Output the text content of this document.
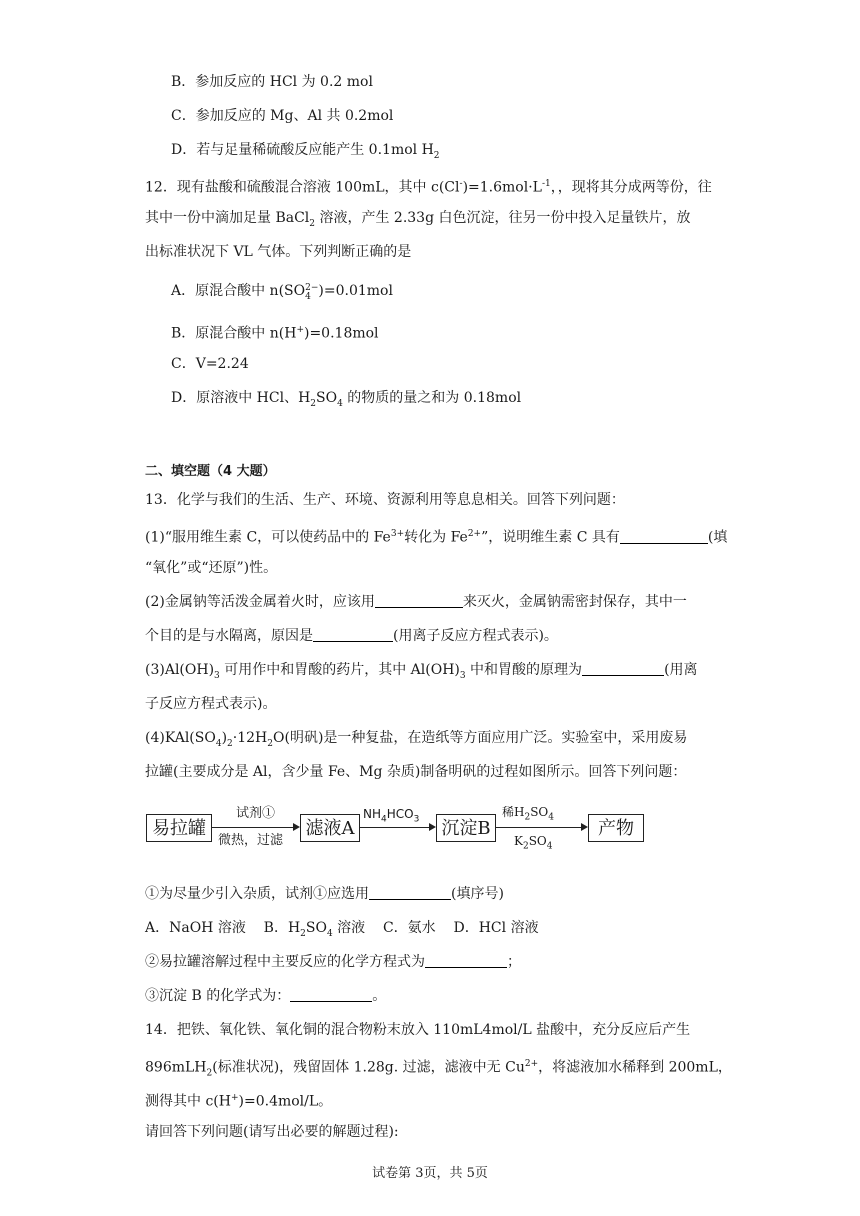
B．参加反应的 HCl 为 0.2 mol
C．参加反应的 Mg、Al 共 0.2mol
D．若与足量稀硫酸反应能产生 0.1mol $H_2$
12．现有盐酸和硫酸混合溶液 100mL，其中 $c(Cl^-)=1.6mol\cdot L^{-1}$，，现将其分成两等份，往
其中一份中滴加足量 BaCl$_2$ 溶液，产生 2.33g 白色沉淀，往另一份中投入足量铁片，放
出标准状况下 VL 气体。下列判断正确的是
A．原混合酸中 n(SO 2−
4 )=0.01mol
B．原混合酸中 n(H+)=0.18mol
C．V=2.24
D．原溶液中 HCl、$H_2SO_4$ 的物质的量之和为 0.18mol
二、填空题（4 大题）
13．化学与我们的生活、生产、环境、资源利用等息息相关。回答下列问题：
(1)“服用维生素 C，可以使药品中的 $Fe^{3+}$转化为 $Fe^{2+}$”，说明维生素 C 具有	(填
“氧化”或“还原”)性。
(2)金属钠等活泼金属着火时，应该用	来灭火，金属钠需密封保存，其中一
个目的是与水隔离，原因是	(用离子反应方程式表示)。
$(3)Al(OH)_3$ 可用作中和胃酸的药片，其中 $Al(OH)_3$ 中和胃酸的原理为	(用离
子反应方程式表示)。
$(4)KAl(SO_4)_2\cdot 12H_2O$(明矾)是一种复盐，在造纸等方面应用广泛。实验室中，采用废易
拉罐(主要成分是 Al，含少量 Fe、Mg 杂质)制备明矾的过程如图所示。回答下列问题：
易拉罐
试剂①
微热，过滤
滤液A
$NH_4HCO_3$ 沉淀B
稀$H_2SO_4$
$K_2SO_4$
产物
①为尽量少引入杂质，试剂①应选用	(填序号)
A．NaOH 溶液 B．$H_2SO_4$ 溶液 C．氨水 D．HCl 溶液
②易拉罐溶解过程中主要反应的化学方程式为	；
③沉淀 B 的化学式为：	。
14．把铁、氧化铁、氧化铜的混合物粉末放入 110mL4mol/L 盐酸中，充分反应后产生
896mLH$_2$(标准状况)，残留固体 1.28g. 过滤，滤液中无 $Cu^{2+}$，将滤液加水稀释到 200mL，
测得其中 c(H+)=0.4mol/L。
请回答下列问题(请写出必要的解题过程):
试卷第 3页，共 5页
